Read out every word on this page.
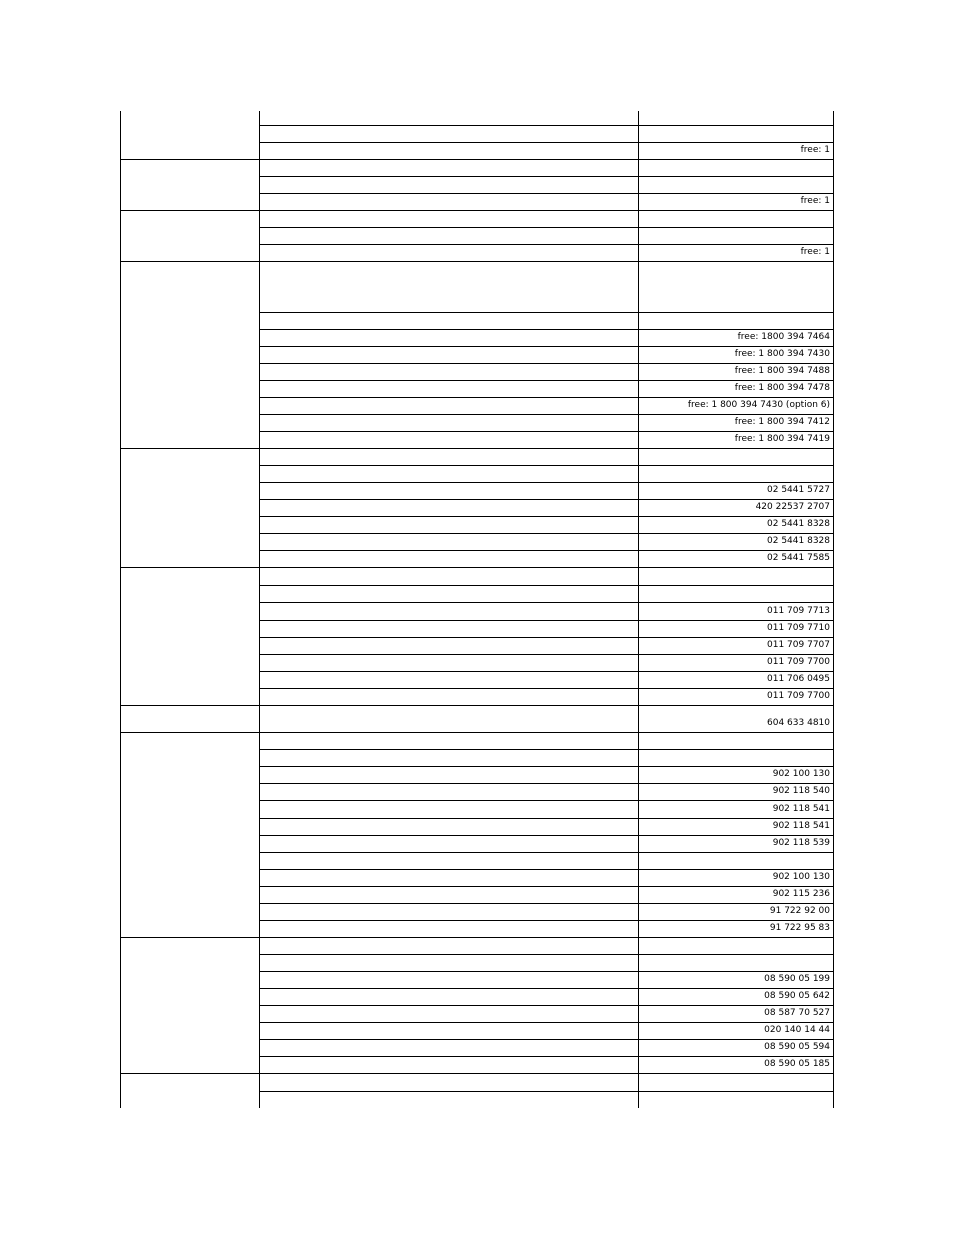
free: 1
free: 1
free: 1
free: 1800 394 7464
free: 1 800 394 7430
free: 1 800 394 7488
free: 1 800 394 7478
free: 1 800 394 7430 (option 6)
free: 1 800 394 7412
free: 1 800 394 7419
02 5441 5727
420 22537 2707
02 5441 8328
02 5441 8328
02 5441 7585
011 709 7713
011 709 7710
011 709 7707
011 709 7700
011 706 0495
011 709 7700
604 633 4810
902 100 130
902 118 540
902 118 541
902 118 541
902 118 539
902 100 130
902 115 236
91 722 92 00
91 722 95 83
08 590 05 199
08 590 05 642
08 587 70 527
020 140 14 44
08 590 05 594
08 590 05 185
